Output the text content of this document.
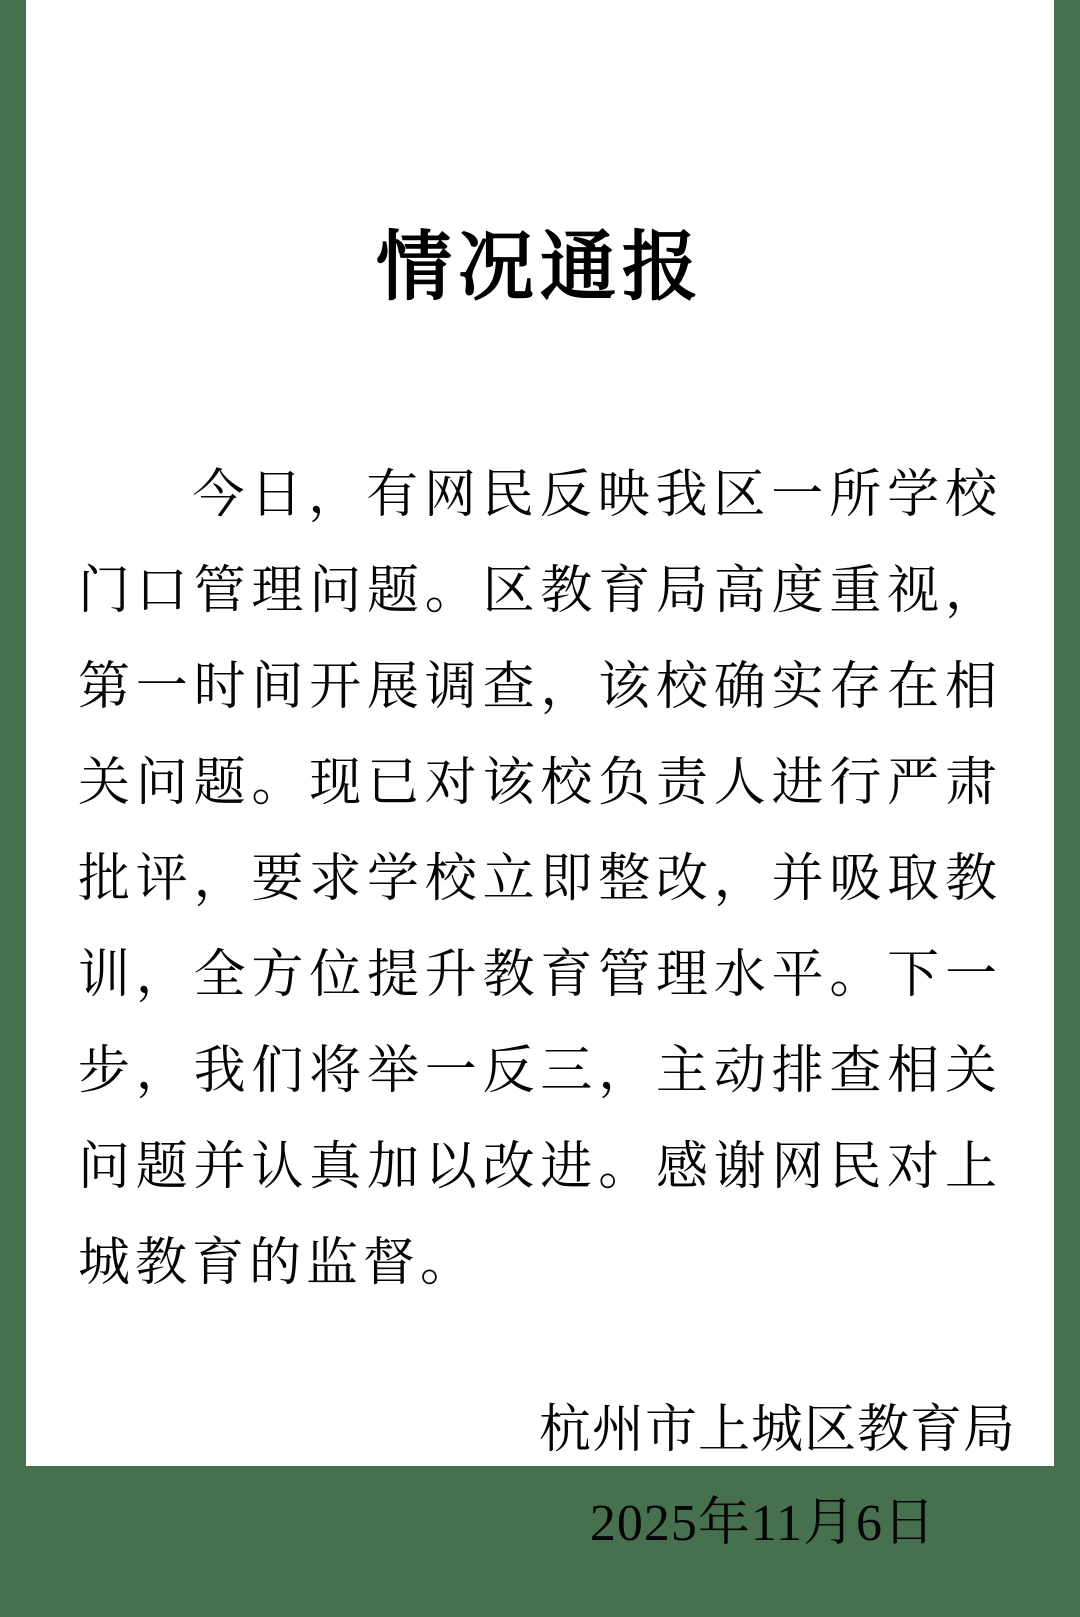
情况通报

今日，有网民反映我区一所学校门口管理问题。区教育局高度重视，第一时间开展调查，该校确实存在相关问题。现已对该校负责人进行严肃批评，要求学校立即整改，并吸取教训，全方位提升教育管理水平。下一步，我们将举一反三，主动排查相关问题并认真加以改进。感谢网民对上城教育的监督。

杭州市上城区教育局
2025年11月6日
